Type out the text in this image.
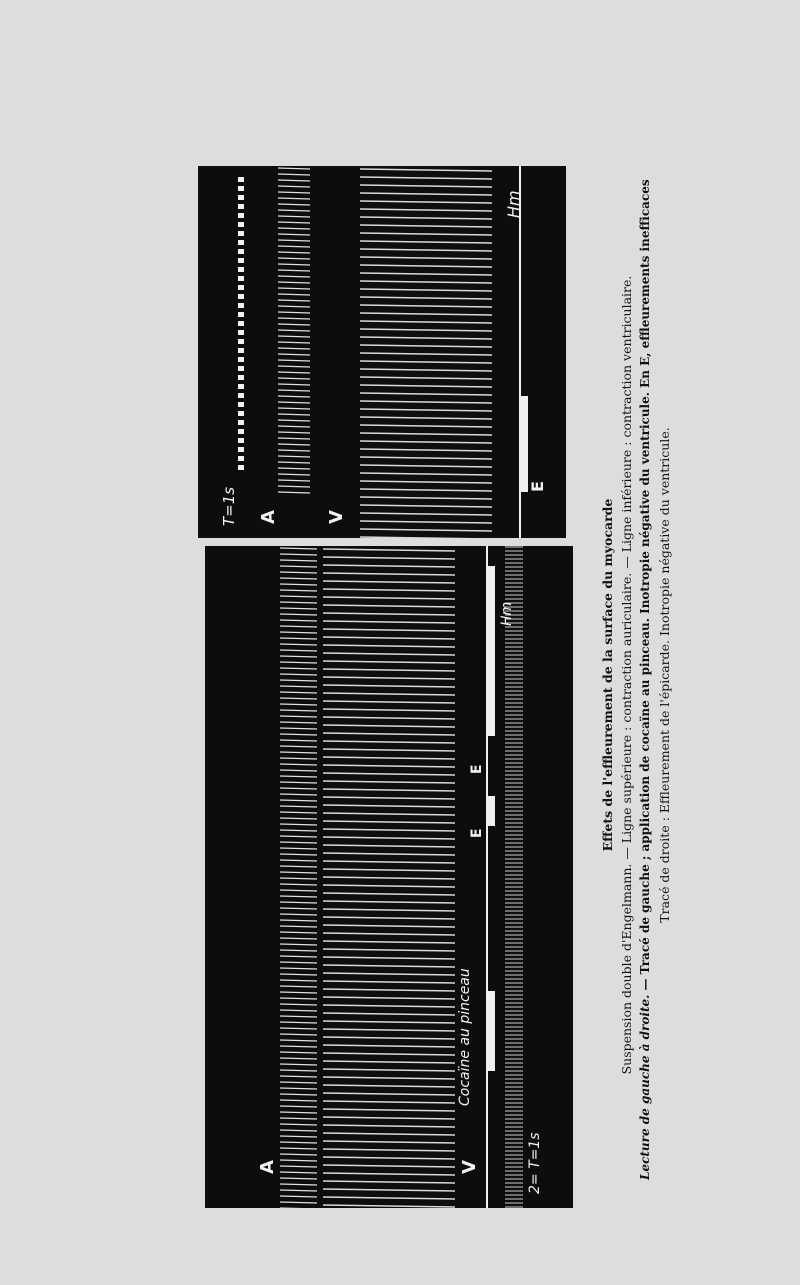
A	V
Cocaïne au pinceau
2= T=1s
E
E
Hm
T=1s A	V
E
Hm
Effets de l'effleurement de la surface du myocarde Suspension double d'Engelmann. — Ligne supérieure : contraction auriculaire. — Ligne inférieure : contraction ventriculaire.
Lecture de gauche à droite. — Tracé de gauche ; application de cocaïne au pinceau. Inotropie négative du ventricule. En E, effleurements inefficaces Tracé de droite : Effleurement de l'épicarde. Inotropie négative du ventricule.
